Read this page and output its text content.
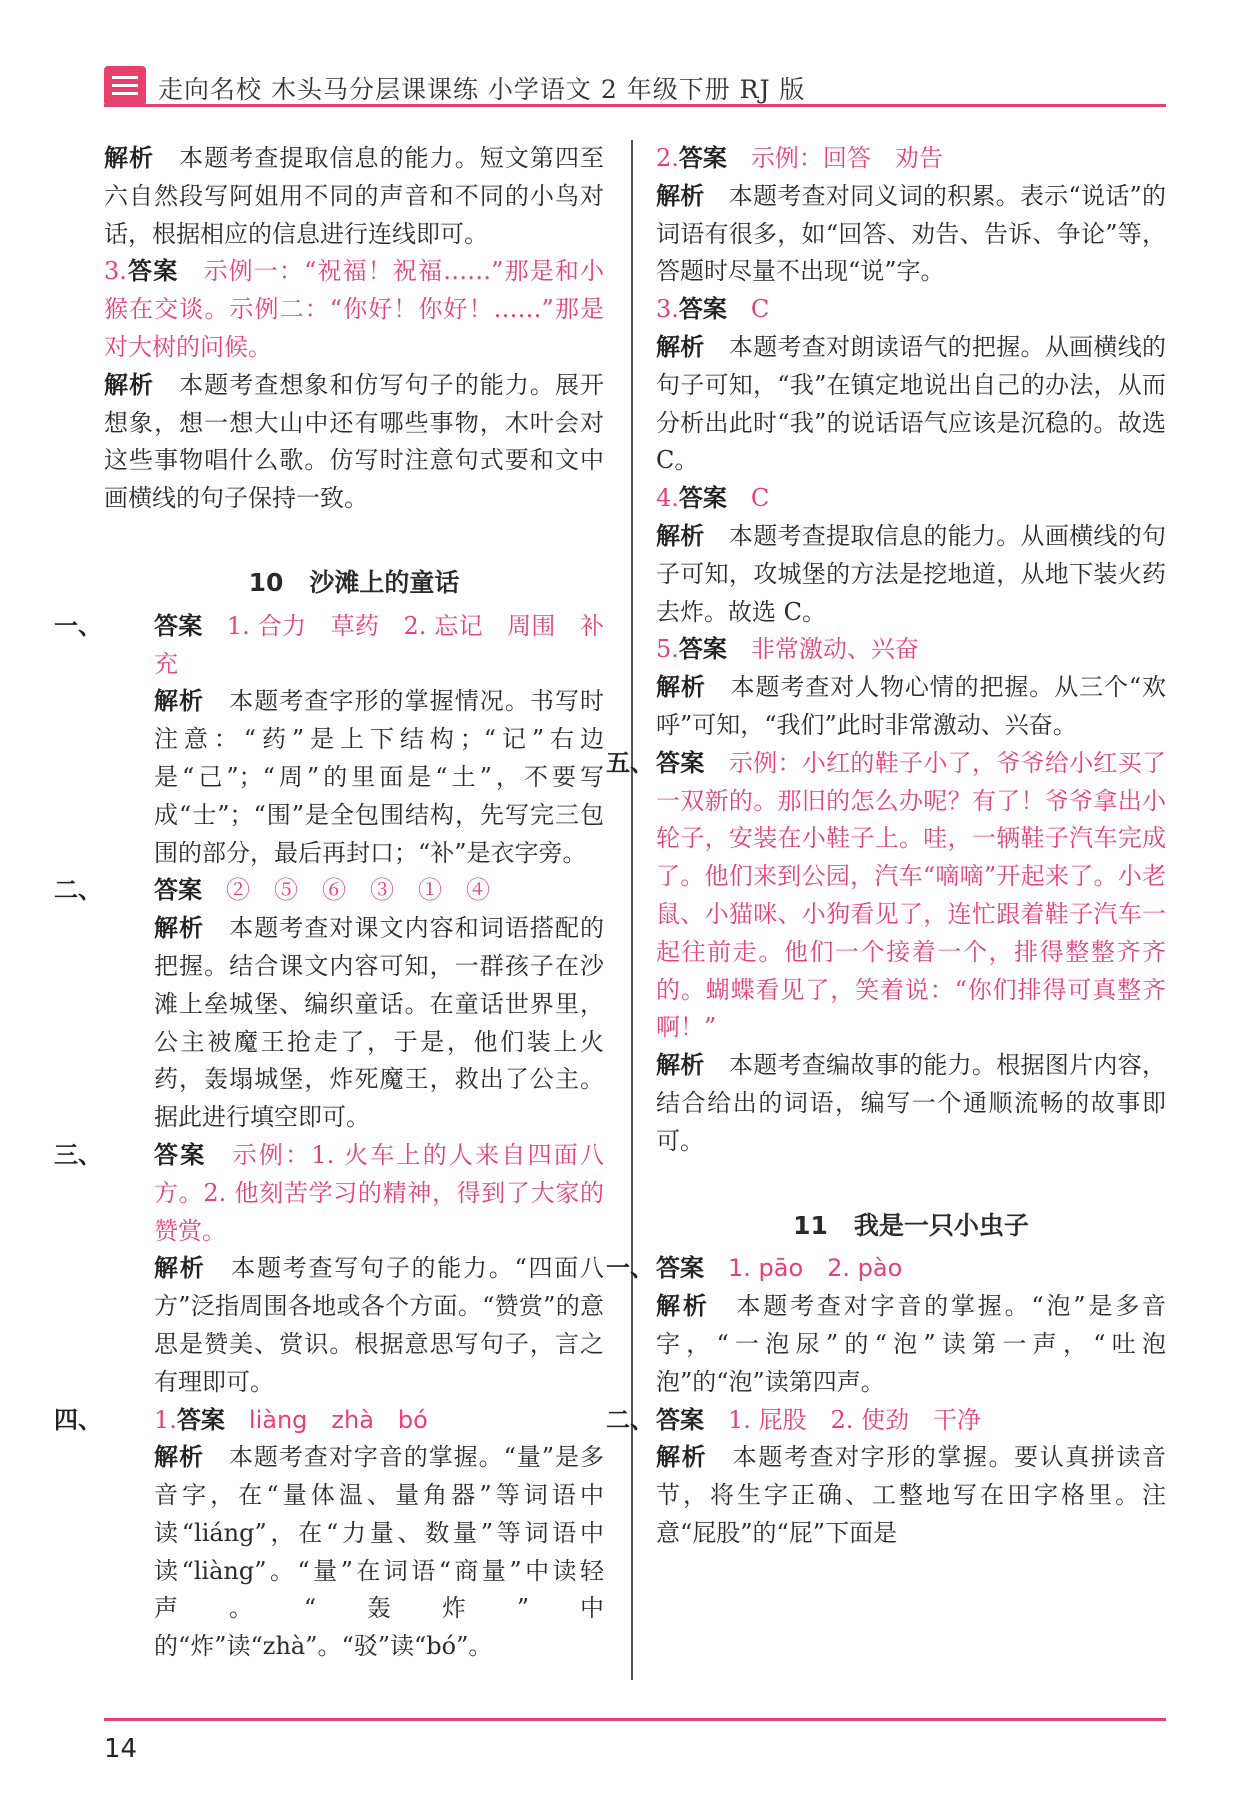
走向名校 木头马分层课课练 小学语文 2 年级下册 RJ 版

解析　 本题考查提取信息的能力。短文第四至六自然段写阿姐用不同的声音和不同的小鸟对话，根据相应的信息进行连线即可。

3.答案　 示例一：“祝福！祝福……”那是和小猴在交谈。示例二：“你好！你好！……”那是对大树的问候。

解析　 本题考查想象和仿写句子的能力。展开想象，想一想大山中还有哪些事物，木叶会对这些事物唱什么歌。仿写时注意句式要和文中画横线的句子保持一致。

10 沙滩上的童话
一、 答案　 1. 合力　草药　2. 忘记　周围　补充

解析　 本题考查字形的掌握情况。书写时注意：“药”是上下结构；“记”右边是“己”；“周”的里面是“土”，不要写成“士”；“围”是全包围结构，先写完三包围的部分，最后再封口；“补”是衣字旁。

二、 答案　 ②　⑤　⑥　③　①　④

解析　 本题考查对课文内容和词语搭配的把握。结合课文内容可知，一群孩子在沙滩上垒城堡、编织童话。在童话世界里，公主被魔王抢走了，于是，他们装上火药，轰塌城堡，炸死魔王，救出了公主。据此进行填空即可。

三、 答案　 示例：1. 火车上的人来自四面八方。2. 他刻苦学习的精神，得到了大家的赞赏。

解析　 本题考查写句子的能力。“四面八方”泛指周围各地或各个方面。“赞赏”的意思是赞美、赏识。根据意思写句子，言之有理即可。

四、 1.答案　 liàng　zhà　bó

解析　 本题考查对字音的掌握。“量”是多音字，在“量体温、量角器”等词语中读“liáng”，在“力量、数量”等词语中读“liàng”。“量”在词语“商量”中读轻声。“轰炸”中的“炸”读“zhà”。“驳”读“bó”。

2.答案　 示例：回答　劝告

解析　 本题考查对同义词的积累。表示“说话”的词语有很多，如“回答、劝告、告诉、争论”等，答题时尽量不出现“说”字。

3.答案　 C

解析　 本题考查对朗读语气的把握。从画横线的句子可知，“我”在镇定地说出自己的办法，从而分析出此时“我”的说话语气应该是沉稳的。故选 C。

4.答案　 C

解析　 本题考查提取信息的能力。从画横线的句子可知，攻城堡的方法是挖地道，从地下装火药去炸。故选 C。

5.答案　 非常激动、兴奋

解析　 本题考查对人物心情的把握。从三个“欢呼”可知，“我们”此时非常激动、兴奋。

五、 答案　 示例：小红的鞋子小了，爷爷给小红买了一双新的。那旧的怎么办呢？有了！爷爷拿出小轮子，安装在小鞋子上。哇，一辆鞋子汽车完成了。他们来到公园，汽车“嘀嘀”开起来了。小老鼠、小猫咪、小狗看见了，连忙跟着鞋子汽车一起往前走。他们一个接着一个，排得整整齐齐的。蝴蝶看见了，笑着说：“你们排得可真整齐啊！”

解析　 本题考查编故事的能力。根据图片内容，结合给出的词语，编写一个通顺流畅的故事即可。

11 我是一只小虫子
一、 答案　 1. pāo　2. pào

解析　 本题考查对字音的掌握。“泡”是多音字，“一泡尿”的“泡”读第一声，“吐泡泡”的“泡”读第四声。

二、 答案　 1. 屁股　2. 使劲　干净

解析　 本题考查对字形的掌握。要认真拼读音节，将生字正确、工整地写在田字格里。注意“屁股”的“屁”下面是

14
